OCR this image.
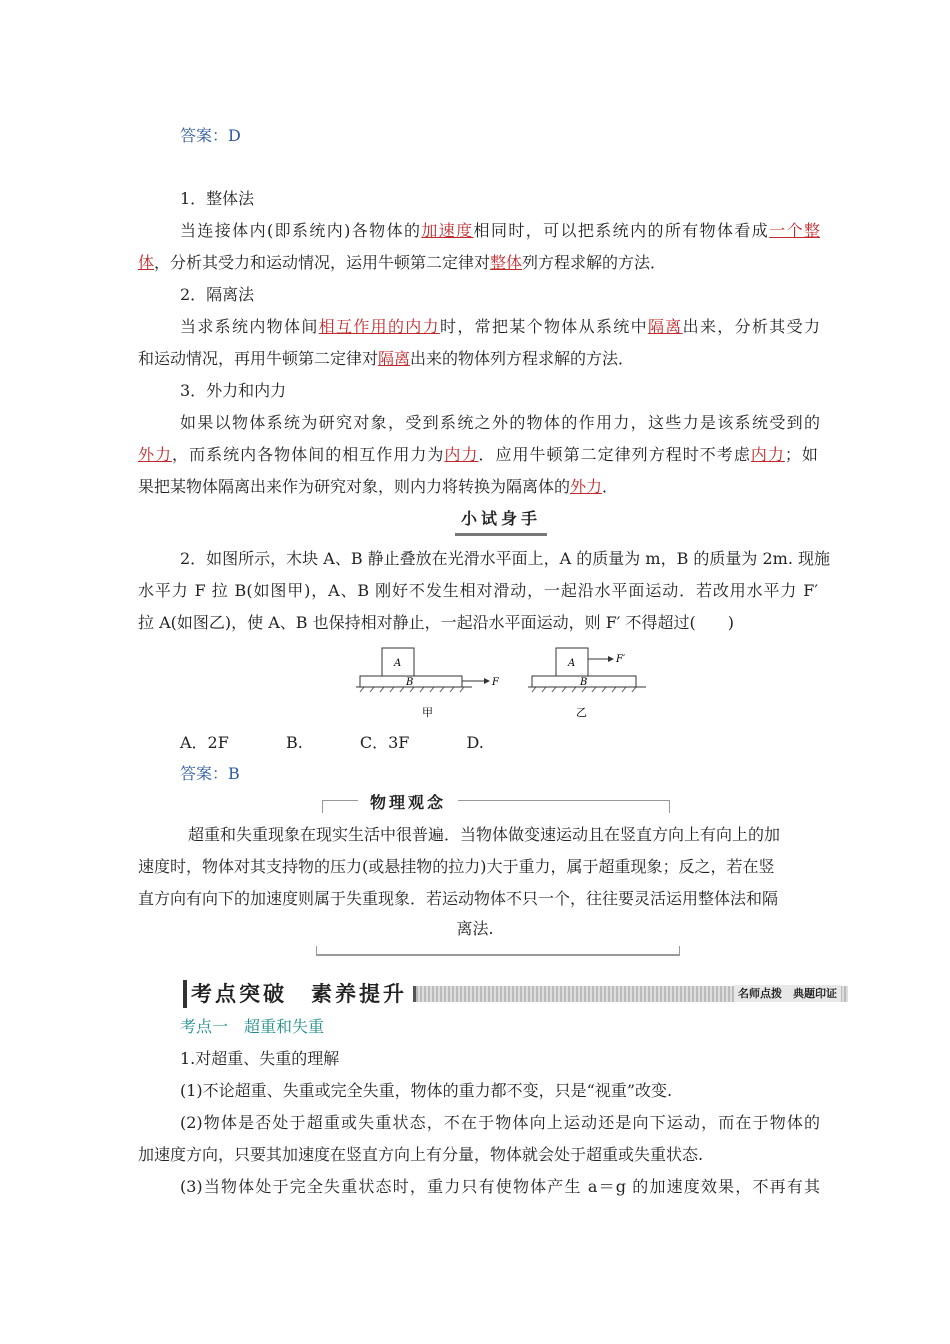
答案：D
1．整体法
当连接体内(即系统内)各物体的加速度相同时，可以把系统内的所有物体看成一个整
体，分析其受力和运动情况，运用牛顿第二定律对整体列方程求解的方法．
2．隔离法
当求系统内物体间相互作用的内力时，常把某个物体从系统中隔离出来，分析其受力
和运动情况，再用牛顿第二定律对隔离出来的物体列方程求解的方法．
3．外力和内力
如果以物体系统为研究对象，受到系统之外的物体的作用力，这些力是该系统受到的
外力，而系统内各物体间的相互作用力为内力．应用牛顿第二定律列方程时不考虑内力；如
果把某物体隔离出来作为研究对象，则内力将转换为隔离体的外力．
小试身手
2．如图所示，木块 A、B 静止叠放在光滑水平面上，A 的质量为 m，B 的质量为 2m. 现施
水平力 F 拉 B(如图甲)，A、B 刚好不发生相对滑动，一起沿水平面运动．若改用水平力 F′
拉 A(如图乙)，使 A、B 也保持相对静止，一起沿水平面运动，则 F′ 不得超过(　　)
A
B	F
甲
A
B
F′
乙
A．2F	B.	C．3F	D.
答案：B
物理观念
超重和失重现象在现实生活中很普遍．当物体做变速运动且在竖直方向上有向上的加
速度时，物体对其支持物的压力(或悬挂物的拉力)大于重力，属于超重现象；反之，若在竖
直方向有向下的加速度则属于失重现象．若运动物体不只一个，往往要灵活运用整体法和隔
离法.
考点突破　素养提升	名师点拨　典题印证
考点一　超重和失重
1.对超重、失重的理解
(1)不论超重、失重或完全失重，物体的重力都不变，只是“视重”改变.
(2)物体是否处于超重或失重状态，不在于物体向上运动还是向下运动，而在于物体的
加速度方向，只要其加速度在竖直方向上有分量，物体就会处于超重或失重状态.
(3)当物体处于完全失重状态时，重力只有使物体产生 a＝g 的加速度效果，不再有其
